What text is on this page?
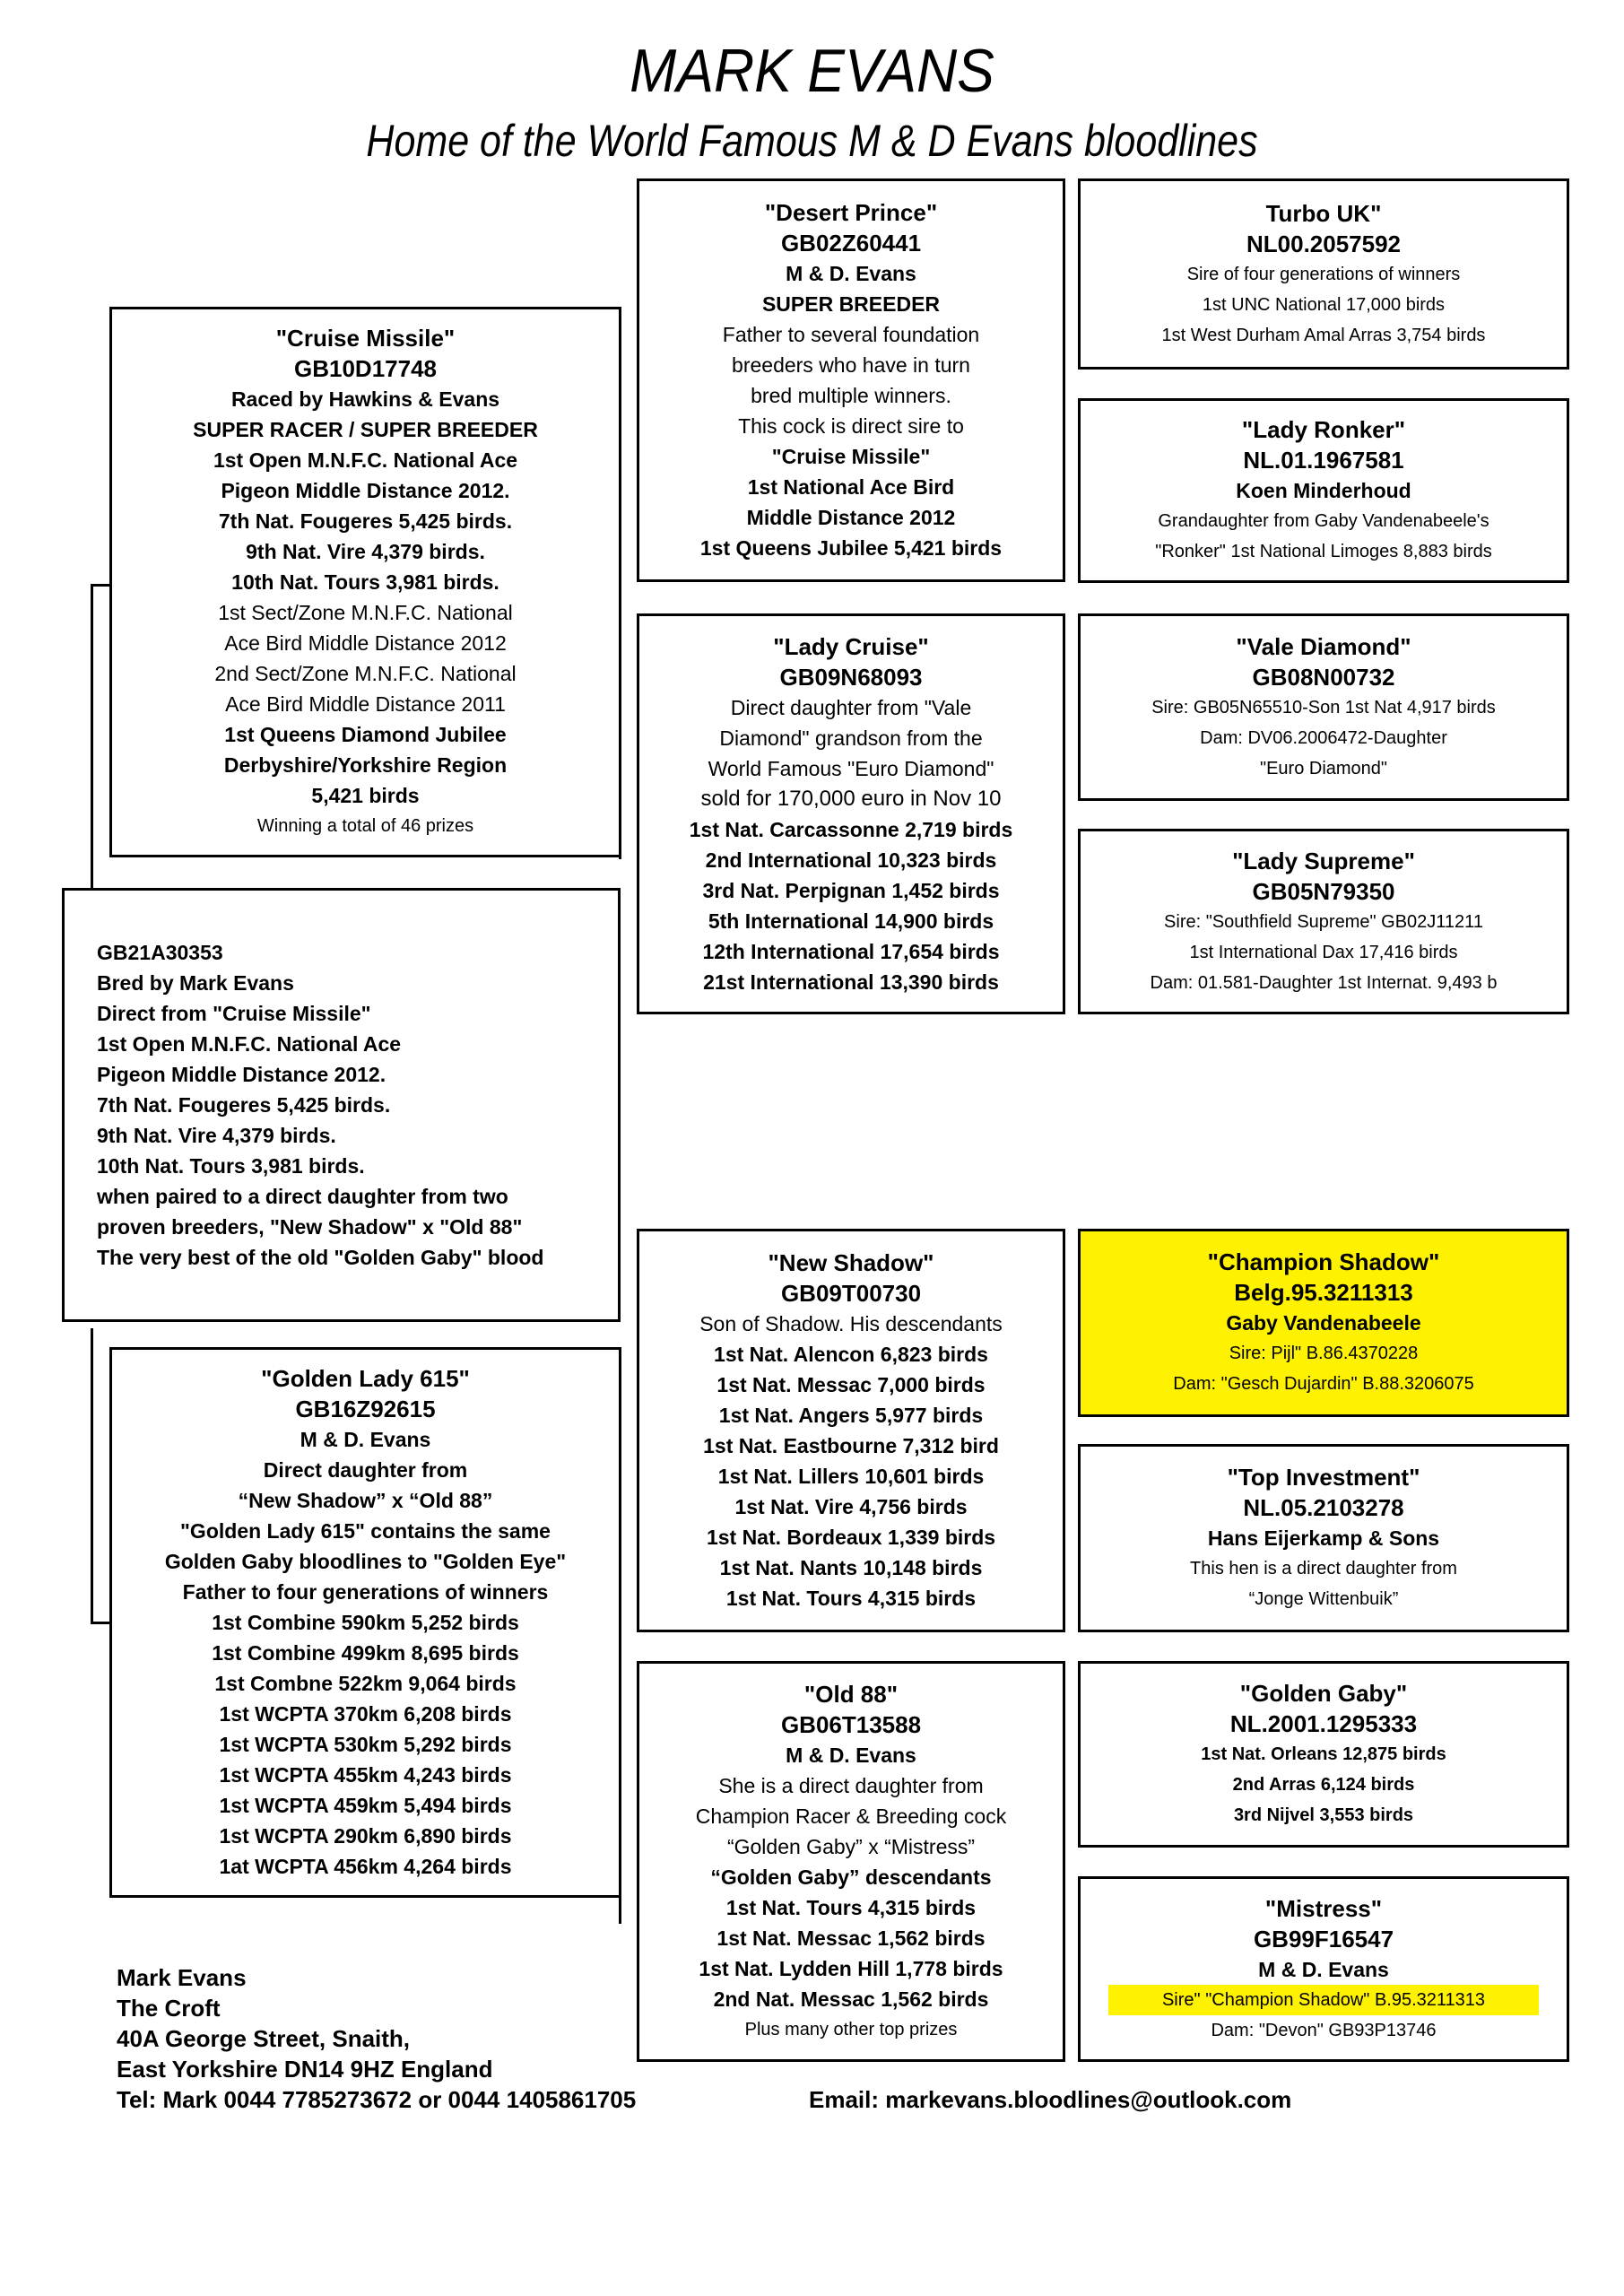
MARK EVANS
Home of the World Famous M & D Evans bloodlines
GB21A30353
Bred by Mark Evans
Direct from "Cruise Missile"
1st Open M.N.F.C. National Ace
Pigeon Middle Distance 2012.
7th Nat. Fougeres 5,425 birds.
9th Nat. Vire 4,379 birds.
10th Nat. Tours 3,981 birds.
when paired to a direct daughter from two
proven breeders, "New Shadow" x "Old 88"
The very best of the old "Golden Gaby" blood
"Cruise Missile"
GB10D17748
Raced by Hawkins & Evans
SUPER RACER / SUPER BREEDER
1st Open M.N.F.C. National Ace
Pigeon Middle Distance 2012.
7th Nat. Fougeres 5,425 birds.
9th Nat. Vire 4,379 birds.
10th Nat. Tours 3,981 birds.
1st Sect/Zone M.N.F.C. National
Ace Bird Middle Distance 2012
2nd Sect/Zone M.N.F.C. National
Ace Bird Middle Distance 2011
1st Queens Diamond Jubilee
Derbyshire/Yorkshire Region
5,421 birds
Winning a total of 46 prizes
"Golden Lady 615"
GB16Z92615
M & D. Evans
Direct daughter from
“New Shadow” x “Old 88”
"Golden Lady 615" contains the same
Golden Gaby bloodlines to "Golden Eye"
Father to four generations of winners
1st Combine 590km 5,252 birds
1st Combine 499km 8,695 birds
1st Combne 522km 9,064 birds
1st WCPTA 370km 6,208 birds
1st WCPTA 530km 5,292 birds
1st WCPTA 455km 4,243 birds
1st WCPTA 459km 5,494 birds
1st WCPTA 290km 6,890 birds
1at WCPTA 456km 4,264 birds
"Desert Prince"
GB02Z60441
M & D. Evans
SUPER BREEDER
Father to several foundation
breeders who have in turn
bred multiple winners.
This cock is direct sire to
"Cruise Missile"
1st National Ace Bird
Middle Distance 2012
1st Queens Jubilee 5,421 birds
"Lady Cruise"
GB09N68093
Direct daughter from "Vale
Diamond" grandson from the
World Famous "Euro Diamond"
sold for 170,000 euro in Nov 10
1st Nat. Carcassonne 2,719 birds
2nd International 10,323 birds
3rd Nat. Perpignan 1,452 birds
5th International 14,900 birds
12th International 17,654 birds
21st International 13,390 birds
"New Shadow"
GB09T00730
Son of Shadow. His descendants
1st Nat. Alencon 6,823 birds
1st Nat. Messac 7,000 birds
1st Nat. Angers 5,977 birds
1st Nat. Eastbourne 7,312 bird
1st Nat. Lillers 10,601 birds
1st Nat. Vire 4,756 birds
1st Nat. Bordeaux 1,339 birds
1st Nat. Nants 10,148 birds
1st Nat. Tours 4,315 birds
"Old 88"
GB06T13588
M & D. Evans
She is a direct daughter from
Champion Racer & Breeding cock
“Golden Gaby” x “Mistress”
“Golden Gaby” descendants
1st Nat. Tours 4,315 birds
1st Nat. Messac 1,562 birds
1st Nat. Lydden Hill 1,778 birds
2nd Nat. Messac 1,562 birds
Plus many other top prizes
Turbo UK"
NL00.2057592
Sire of four generations of winners
1st UNC National 17,000 birds
1st West Durham Amal Arras 3,754 birds
"Lady Ronker"
NL.01.1967581
Koen Minderhoud
Grandaughter from Gaby Vandenabeele's
"Ronker" 1st National Limoges 8,883 birds
"Vale Diamond"
GB08N00732
Sire: GB05N65510-Son 1st Nat 4,917 birds
Dam: DV06.2006472-Daughter
"Euro Diamond"
"Lady Supreme"
GB05N79350
Sire: "Southfield Supreme" GB02J11211
1st International Dax 17,416 birds
Dam: 01.581-Daughter 1st Internat. 9,493 b
"Champion Shadow"
Belg.95.3211313
Gaby Vandenabeele
Sire: Pijl" B.86.4370228
Dam: "Gesch Dujardin" B.88.3206075
"Top Investment"
NL.05.2103278
Hans Eijerkamp & Sons
This hen is a direct daughter from
“Jonge Wittenbuik”
"Golden Gaby"
NL.2001.1295333
1st Nat. Orleans 12,875 birds
2nd Arras 6,124 birds
3rd Nijvel 3,553 birds
"Mistress"
GB99F16547
M & D. Evans
Sire" "Champion Shadow" B.95.3211313
Dam: "Devon" GB93P13746
Mark Evans
The Croft
40A George Street, Snaith,
East Yorkshire DN14 9HZ England
Tel: Mark 0044 7785273672 or 0044 1405861705	Email: markevans.bloodlines@outlook.com
